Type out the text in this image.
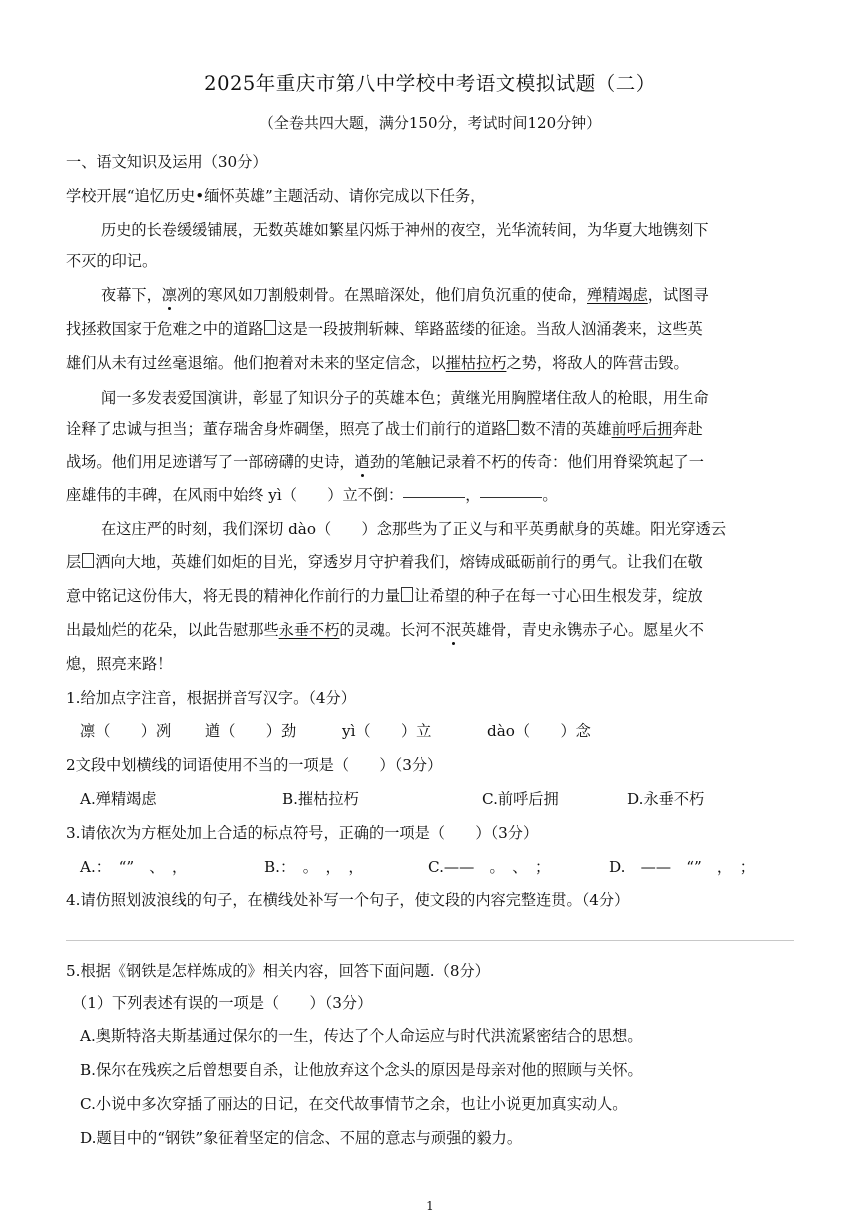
2025年重庆市第八中学校中考语文模拟试题（二）
（全卷共四大题，满分150分，考试时间120分钟）
一、语文知识及运用（30分）
学校开展“追忆历史•缅怀英雄”主题活动、请你完成以下任务，
历史的长卷缓缓铺展，无数英雄如繁星闪烁于神州的夜空，光华流转间，为华夏大地镌刻下
不灭的印记。
夜幕下，凛冽的寒风如刀割般刺骨。在黑暗深处，他们肩负沉重的使命，殚精竭虑，试图寻
找拯救国家于危难之中的道路 这是一段披荆斩棘、筚路蓝缕的征途。当敌人汹涌袭来，这些英
雄们从未有过丝毫退缩。他们抱着对未来的坚定信念，以摧枯拉朽之势，将敌人的阵营击毁。
闻一多发表爱国演讲，彰显了知识分子的英雄本色；黄继光用胸膛堵住敌人的枪眼，用生命
诠释了忠诚与担当；董存瑞舍身炸碉堡，照亮了战士们前行的道路 数不清的英雄前呼后拥奔赴
战场。他们用足迹谱写了一部磅礴的史诗，遒劲的笔触记录着不朽的传奇：他们用脊梁筑起了一
座雄伟的丰碑，在风雨中始终 yì（　　）立不倒：	，	。
在这庄严的时刻，我们深切 dào（　　）念那些为了正义与和平英勇献身的英雄。阳光穿透云
层 洒向大地，英雄们如炬的目光，穿透岁月守护着我们，熔铸成砥砺前行的勇气。让我们在敬
意中铭记这份伟大，将无畏的精神化作前行的力量 让希望的种子在每一寸心田生根发芽，绽放
出最灿烂的花朵，以此告慰那些永垂不朽的灵魂。长河不泯英雄骨，青史永镌赤子心。愿星火不
熄，照亮来路！
1.给加点字注音，根据拼音写汉字。（4分）
凛（　　）冽 遒（　　）劲	yì（　　）立	dào（　　）念
2文段中划横线的词语使用不当的一项是（　　）（3分）
A.殚精竭虑	B.摧枯拉朽	C.前呼后拥	D.永垂不朽
3.请依次为方框处加上合适的标点符号，正确的一项是（　　）（3分）
A.：　“”　、　，	B.：　。　，　，	C.——　。　、　；	D.　——　“”　，　；
4.请仿照划波浪线的句子，在横线处补写一个句子，使文段的内容完整连贯。（4分）
5.根据《钢铁是怎样炼成的》相关内容，回答下面问题.（8分）
（1）下列表述有误的一项是（　　）（3分）
A.奥斯特洛夫斯基通过保尔的一生，传达了个人命运应与时代洪流紧密结合的思想。
B.保尔在残疾之后曾想要自杀，让他放弃这个念头的原因是母亲对他的照顾与关怀。
C.小说中多次穿插了丽达的日记，在交代故事情节之余，也让小说更加真实动人。
D.题目中的“钢铁”象征着坚定的信念、不屈的意志与顽强的毅力。
1
